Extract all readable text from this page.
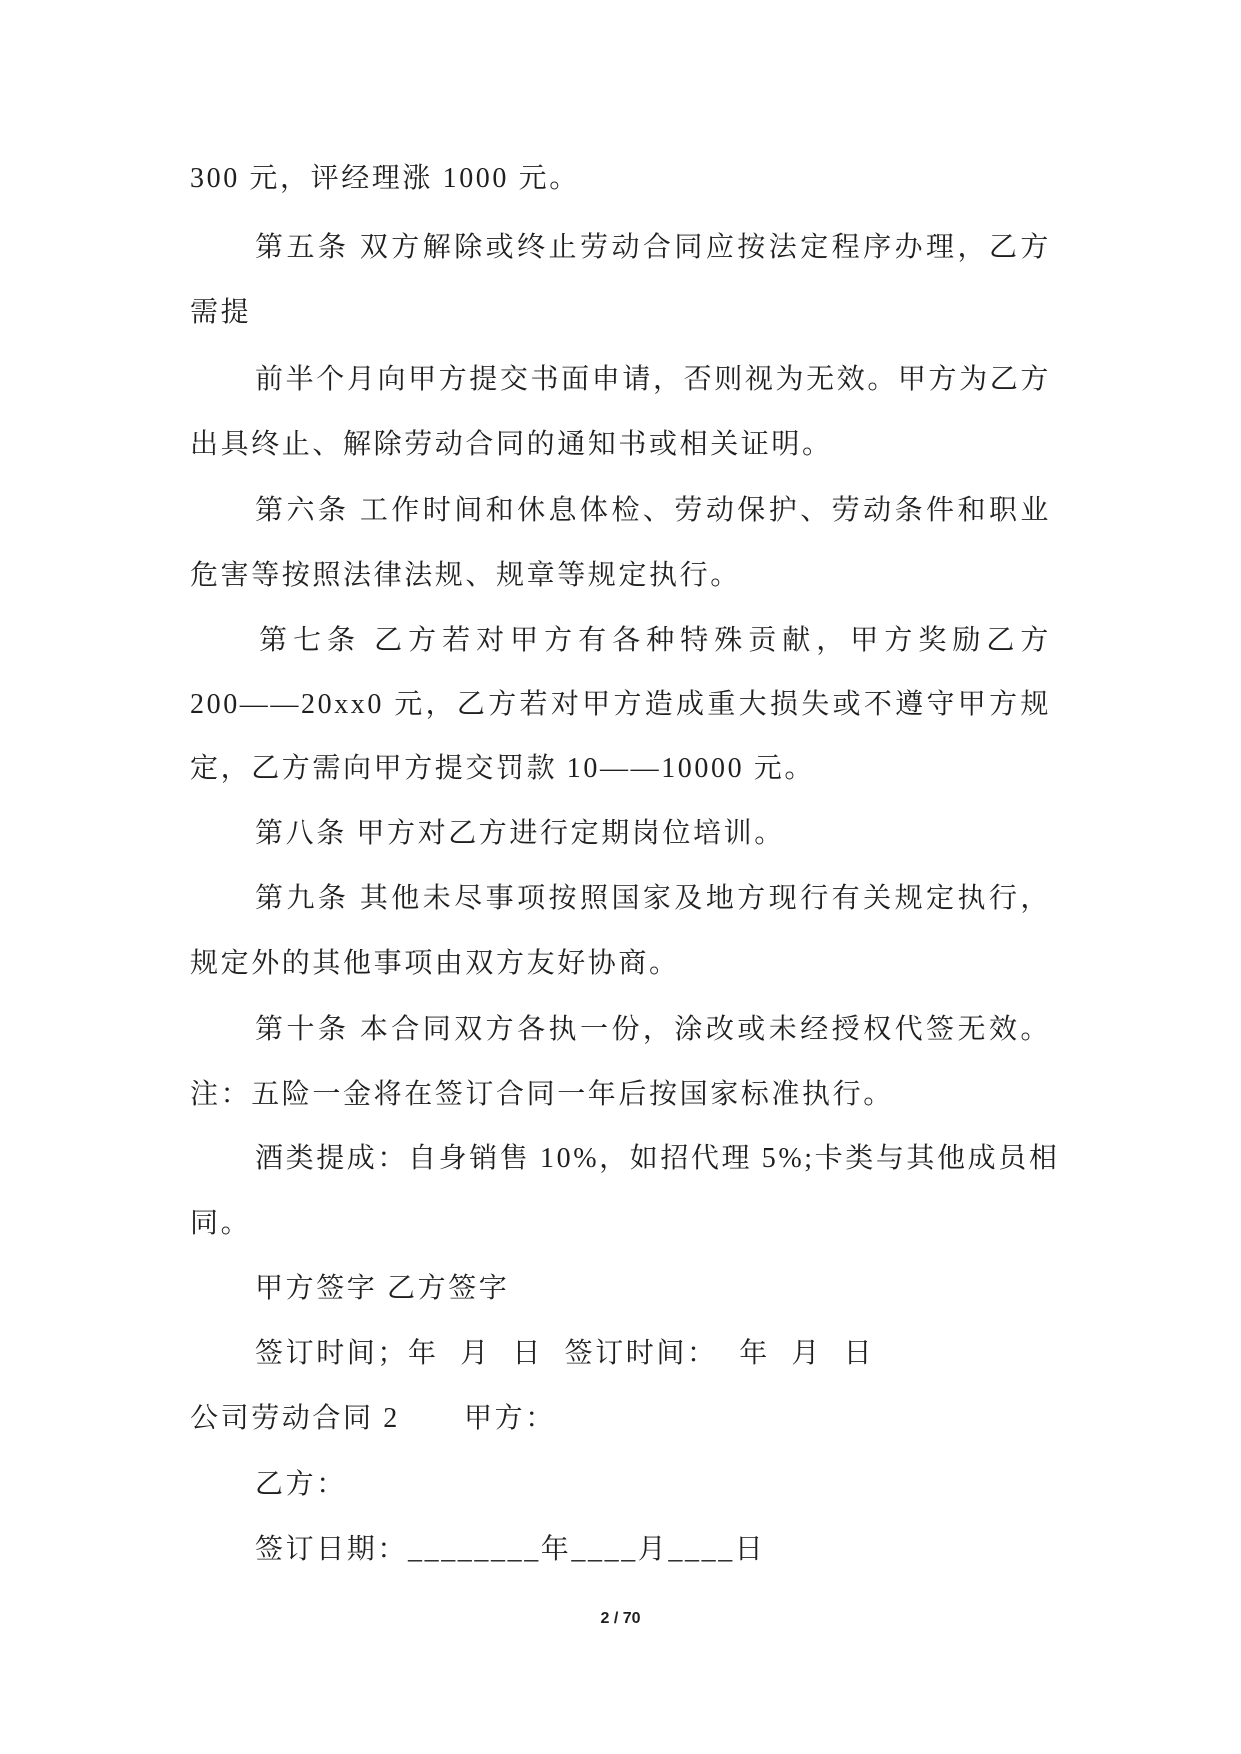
300 元，评经理涨 1000 元。
第五条 双方解除或终止劳动合同应按法定程序办理，乙方
需提
前半个月向甲方提交书面申请，否则视为无效。甲方为乙方
出具终止、解除劳动合同的通知书或相关证明。
第六条 工作时间和休息体检、劳动保护、劳动条件和职业
危害等按照法律法规、规章等规定执行。
第七条 乙方若对甲方有各种特殊贡献，甲方奖励乙方
200——20xx0 元，乙方若对甲方造成重大损失或不遵守甲方规
定，乙方需向甲方提交罚款 10——10000 元。
第八条 甲方对乙方进行定期岗位培训。
第九条 其他未尽事项按照国家及地方现行有关规定执行，
规定外的其他事项由双方友好协商。
第十条 本合同双方各执一份，涂改或未经授权代签无效。
注：五险一金将在签订合同一年后按国家标准执行。
酒类提成：自身销售 10%，如招代理 5%;卡类与其他成员相
同。
甲方签字 乙方签字
签订时间；年 月 日 签订时间： 年 月 日
公司劳动合同 2 甲方：
乙方：
签订日期：________年____月____日
2 / 70
